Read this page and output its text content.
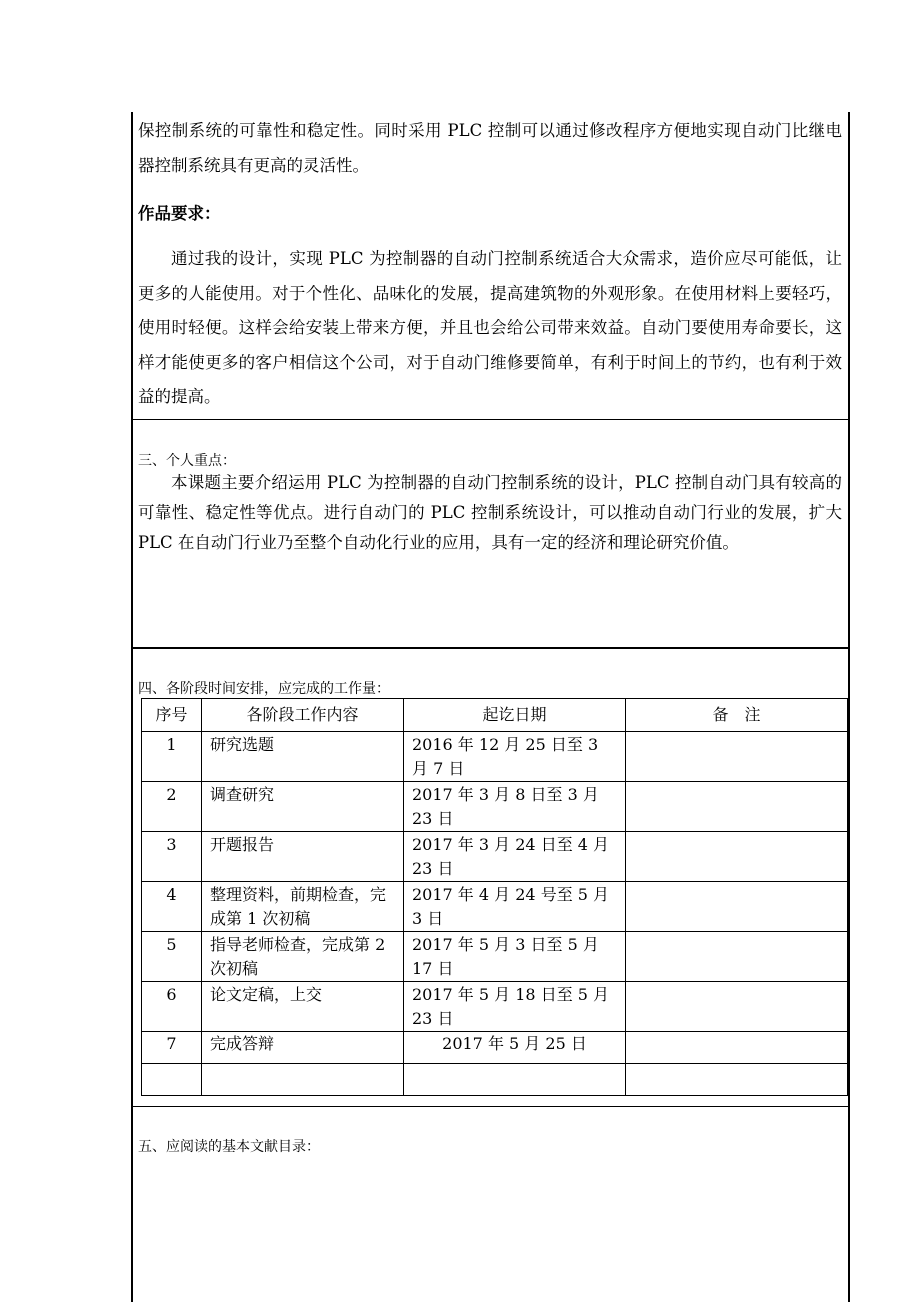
保控制系统的可靠性和稳定性。同时采用 PLC 控制可以通过修改程序方便地实现自动门比继电器控制系统具有更高的灵活性。
作品要求：
通过我的设计，实现 PLC 为控制器的自动门控制系统适合大众需求，造价应尽可能低，让更多的人能使用。对于个性化、品味化的发展，提高建筑物的外观形象。在使用材料上要轻巧，使用时轻便。这样会给安装上带来方便，并且也会给公司带来效益。自动门要使用寿命要长，这样才能使更多的客户相信这个公司，对于自动门维修要简单，有利于时间上的节约，也有利于效益的提高。
三、个人重点：
本课题主要介绍运用 PLC 为控制器的自动门控制系统的设计，PLC 控制自动门具有较高的可靠性、稳定性等优点。进行自动门的 PLC 控制系统设计，可以推动自动门行业的发展，扩大 PLC 在自动门行业乃至整个自动化行业的应用，具有一定的经济和理论研究价值。
四、各阶段时间安排，应完成的工作量：
序号	各阶段工作内容	起讫日期	备　注
1	研究选题	2016 年 12 月 25 日至 3 月 7 日	
2	调查研究	2017 年 3 月 8 日至 3 月 23 日	
3	开题报告	2017 年 3 月 24 日至 4 月 23 日	
4	整理资料，前期检查，完成第 1 次初稿	2017 年 4 月 24 号至 5 月 3 日	
5	指导老师检查，完成第 2 次初稿	2017 年 5 月 3 日至 5 月 17 日	
6	论文定稿，上交	2017 年 5 月 18 日至 5 月 23 日	
7	完成答辩	2017 年 5 月 25 日	

五、应阅读的基本文献目录：
